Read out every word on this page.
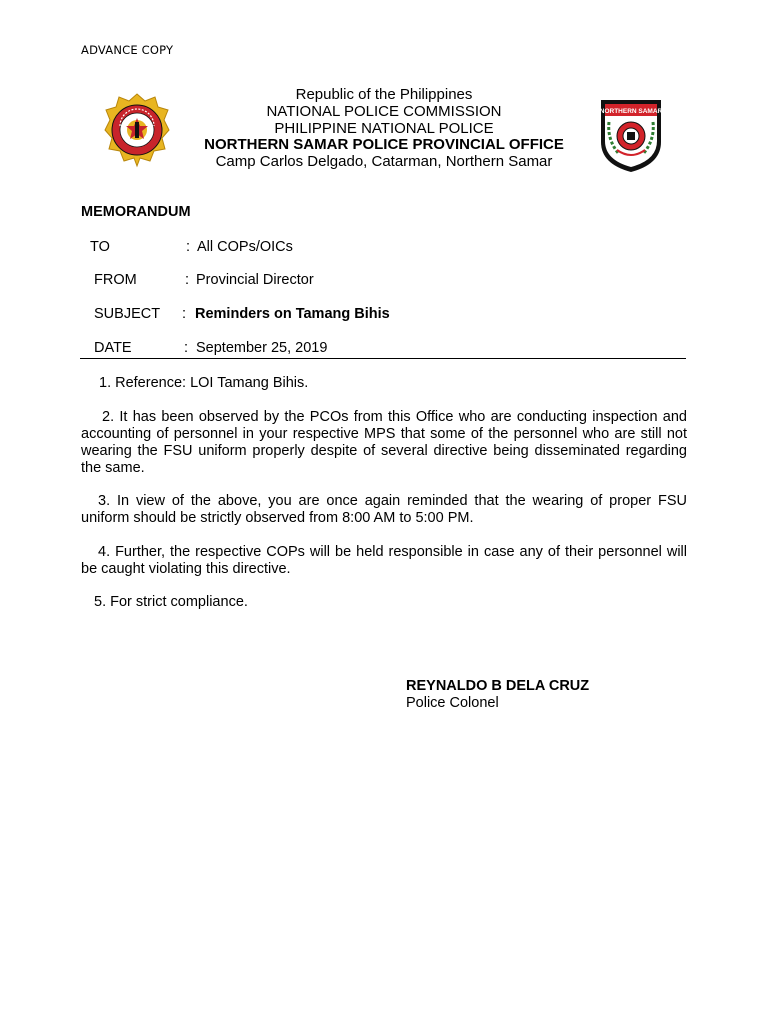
ADVANCE COPY
Republic of the Philippines
NATIONAL POLICE COMMISSION
PHILIPPINE NATIONAL POLICE
NORTHERN SAMAR POLICE PROVINCIAL OFFICE
Camp Carlos Delgado, Catarman, Northern Samar
NORTHERN SAMAR
MEMORANDUM
TO	: All COPs/OICs
FROM	: Provincial Director
SUBJECT : Reminders on Tamang Bihis
DATE	: September 25, 2019
1. Reference: LOI Tamang Bihis.
2. It has been observed by the PCOs from this Office who are conducting inspection and accounting of personnel in your respective MPS that some of the personnel who are still not wearing the FSU uniform properly despite of several directive being disseminated regarding the same.
3. In view of the above, you are once again reminded that the wearing of proper FSU uniform should be strictly observed from 8:00 AM to 5:00 PM.
4. Further, the respective COPs will be held responsible in case any of their personnel will be caught violating this directive.
5. For strict compliance.
REYNALDO B DELA CRUZ
Police Colonel
